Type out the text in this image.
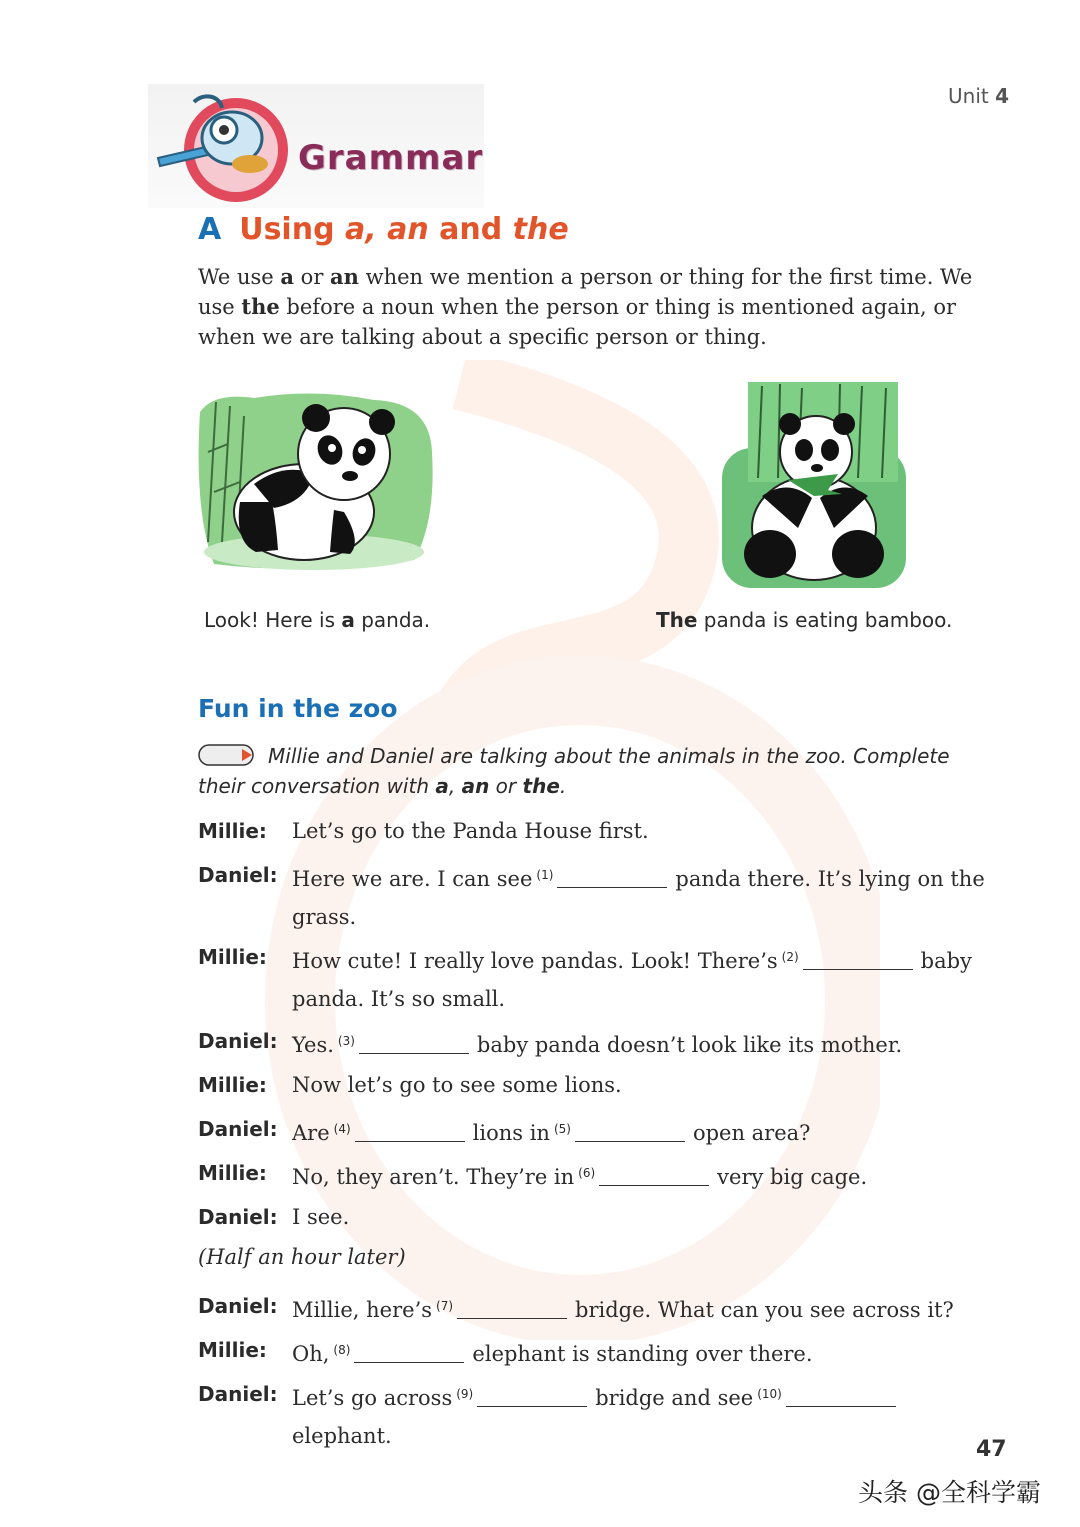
Unit 4
Grammar
A Using a, an and the
We use a or an when we mention a person or thing for the first time. We use the before a noun when the person or thing is mentioned again, or when we are talking about a specific person or thing.
Look! Here is a panda.	The panda is eating bamboo.
Fun in the zoo
Millie and Daniel are talking about the animals in the zoo. Complete their conversation with a, an or the.
Millie: Let’s go to the Panda House first.
Daniel: Here we are. I can see $^{(1)}$	panda there. It’s lying on the
grass.
Millie: How cute! I really love pandas. Look! There’s $^{(2)}$	baby
panda. It’s so small.
Daniel: Yes. $^{(3)}$	baby panda doesn’t look like its mother.
Millie: Now let’s go to see some lions.
Daniel: Are $^{(4)}$	lions in $^{(5)}$	open area?
Millie: No, they aren’t. They’re in $^{(6)}$	very big cage.
Daniel: I see.
(Half an hour later)
Daniel: Millie, here’s $^{(7)}$	bridge. What can you see across it?
Millie: Oh, $^{(8)}$	elephant is standing over there.
Daniel: Let’s go across $^{(9)}$	bridge and see $^{(10)}$elephant.
47
头条 @全科学霸
